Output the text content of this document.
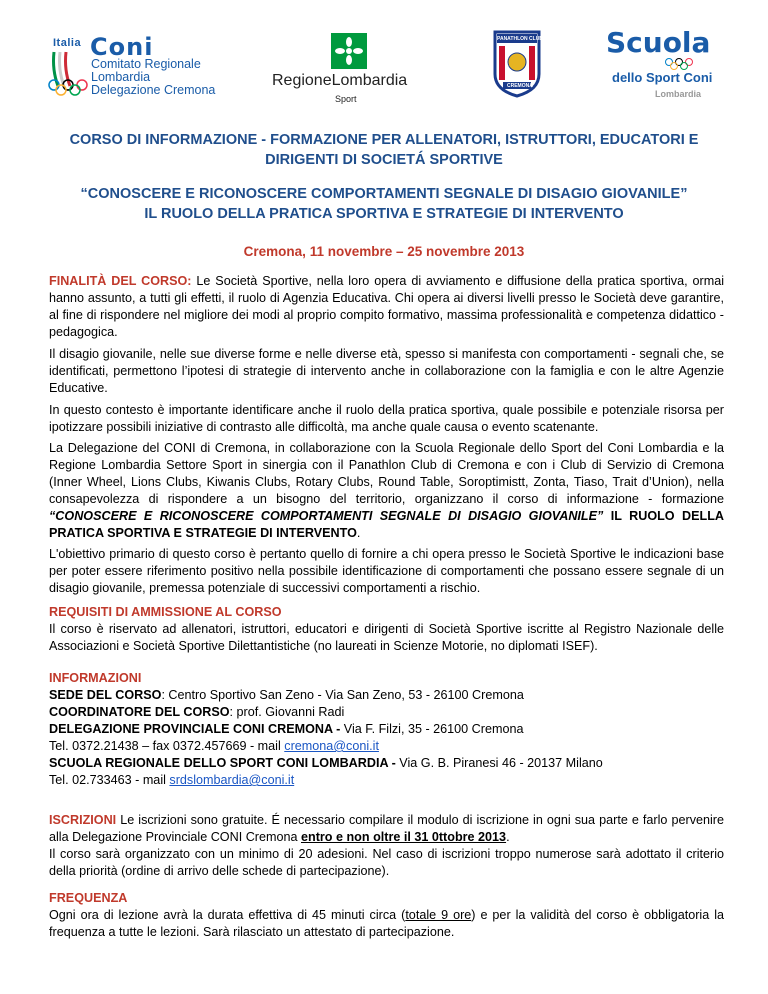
Italia Coni
Comitato Regionale
Lombardia
Delegazione Cremona
RegioneLombardia
Sport
PANATHLON CLUB
CREMONA
Scuola
dello Sport Coni
Lombardia
CORSO DI INFORMAZIONE - FORMAZIONE PER ALLENATORI, ISTRUTTORI, EDUCATORI E
DIRIGENTI DI SOCIETÁ SPORTIVE
“CONOSCERE E RICONOSCERE COMPORTAMENTI SEGNALE DI DISAGIO GIOVANILE”
IL RUOLO DELLA PRATICA SPORTIVA E STRATEGIE DI INTERVENTO
Cremona, 11 novembre – 25 novembre 2013
FINALITÀ DEL CORSO: Le Società Sportive, nella loro opera di avviamento e diffusione della pratica sportiva, ormai hanno assunto, a tutti gli effetti, il ruolo di Agenzia Educativa. Chi opera ai diversi livelli presso le Società deve garantire, al fine di rispondere nel migliore dei modi al proprio compito formativo, massima professionalità e competenza didattico - pedagogica.
Il disagio giovanile, nelle sue diverse forme e nelle diverse età, spesso si manifesta con comportamenti - segnali che, se identificati, permettono l’ipotesi di strategie di intervento anche in collaborazione con la famiglia e con le altre Agenzie Educative.
In questo contesto è importante identificare anche il ruolo della pratica sportiva, quale possibile e potenziale risorsa per ipotizzare possibili iniziative di contrasto alle difficoltà, ma anche quale causa o evento scatenante.
La Delegazione del CONI di Cremona, in collaborazione con la Scuola Regionale dello Sport del Coni Lombardia e la Regione Lombardia Settore Sport in sinergia con il Panathlon Club di Cremona e con i Club di Servizio di Cremona (Inner Wheel, Lions Clubs, Kiwanis Clubs, Rotary Clubs, Round Table, Soroptimistt, Zonta, Tiaso, Trait d’Union), nella consapevolezza di rispondere a un bisogno del territorio, organizzano il corso di informazione - formazione “CONOSCERE E RICONOSCERE COMPORTAMENTI SEGNALE DI DISAGIO GIOVANILE” IL RUOLO DELLA PRATICA SPORTIVA E STRATEGIE DI INTERVENTO.
L'obiettivo primario di questo corso è pertanto quello di fornire a chi opera presso le Società Sportive le indicazioni base per poter essere riferimento positivo nella possibile identificazione di comportamenti che possano essere segnale di un disagio giovanile, premessa potenziale di successivi comportamenti a rischio.
REQUISITI DI AMMISSIONE AL CORSO
Il corso è riservato ad allenatori, istruttori, educatori e dirigenti di Società Sportive iscritte al Registro Nazionale delle Associazioni e Società Sportive Dilettantistiche (no laureati in Scienze Motorie, no diplomati ISEF).
INFORMAZIONI
SEDE DEL CORSO: Centro Sportivo San Zeno - Via San Zeno, 53 - 26100 Cremona
COORDINATORE DEL CORSO: prof. Giovanni Radi
DELEGAZIONE PROVINCIALE CONI CREMONA - Via F. Filzi, 35 - 26100 Cremona
Tel. 0372.21438 – fax 0372.457669 - mail cremona@coni.it
SCUOLA REGIONALE DELLO SPORT CONI LOMBARDIA - Via G. B. Piranesi 46 - 20137 Milano
Tel. 02.733463 - mail srdslombardia@coni.it
ISCRIZIONI Le iscrizioni sono gratuite. É necessario compilare il modulo di iscrizione in ogni sua parte e farlo pervenire alla Delegazione Provinciale CONI Cremona entro e non oltre il 31 0ttobre 2013.
Il corso sarà organizzato con un minimo di 20 adesioni. Nel caso di iscrizioni troppo numerose sarà adottato il criterio della priorità (ordine di arrivo delle schede di partecipazione).
FREQUENZA
Ogni ora di lezione avrà la durata effettiva di 45 minuti circa (totale 9 ore) e per la validità del corso è obbligatoria la frequenza a tutte le lezioni. Sarà rilasciato un attestato di partecipazione.
